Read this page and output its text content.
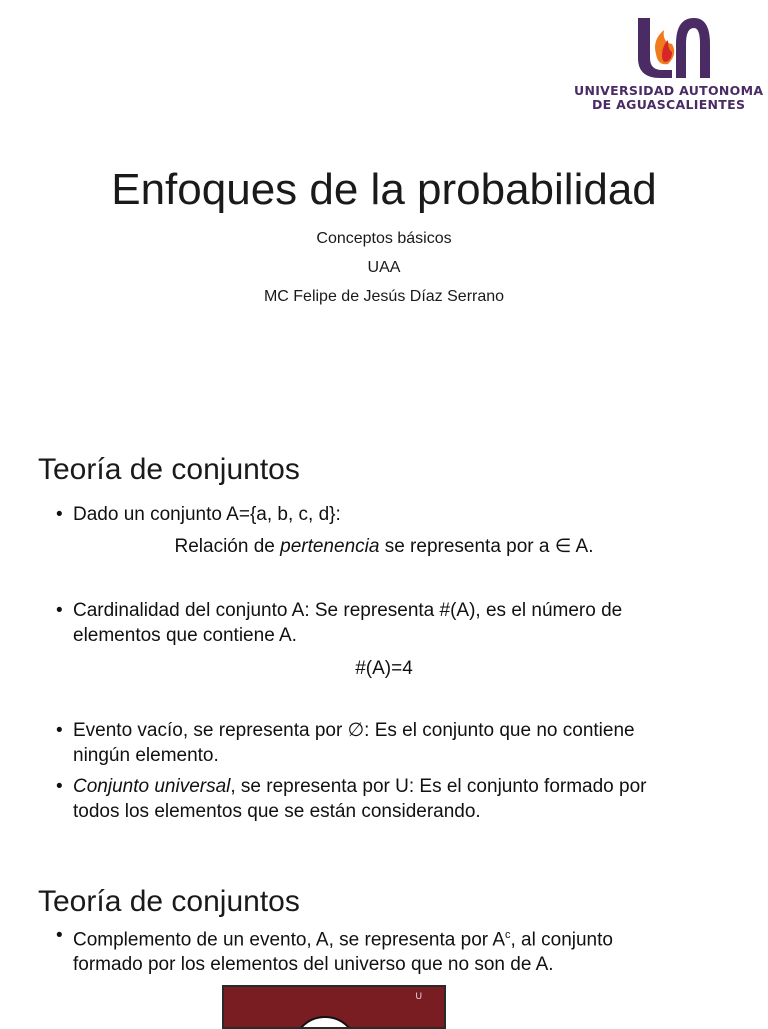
UNIVERSIDAD AUTONOMA
DE AGUASCALIENTES
Enfoques de la probabilidad
Conceptos básicos
UAA
MC Felipe de Jesús Díaz Serrano
Teoría de conjuntos
• Dado un conjunto A={a, b, c, d}:
Relación de pertenencia se representa por a ∈ A.
• Cardinalidad del conjunto A: Se representa #(A), es el número de
elementos que contiene A.
#(A)=4
• Evento vacío, se representa por ∅: Es el conjunto que no contiene
ningún elemento.
• Conjunto universal, se representa por U: Es el conjunto formado por
todos los elementos que se están considerando.
Teoría de conjuntos
• Complemento de un evento, A, se representa por $A^c$, al conjunto
formado por los elementos del universo que no son de A.
U
